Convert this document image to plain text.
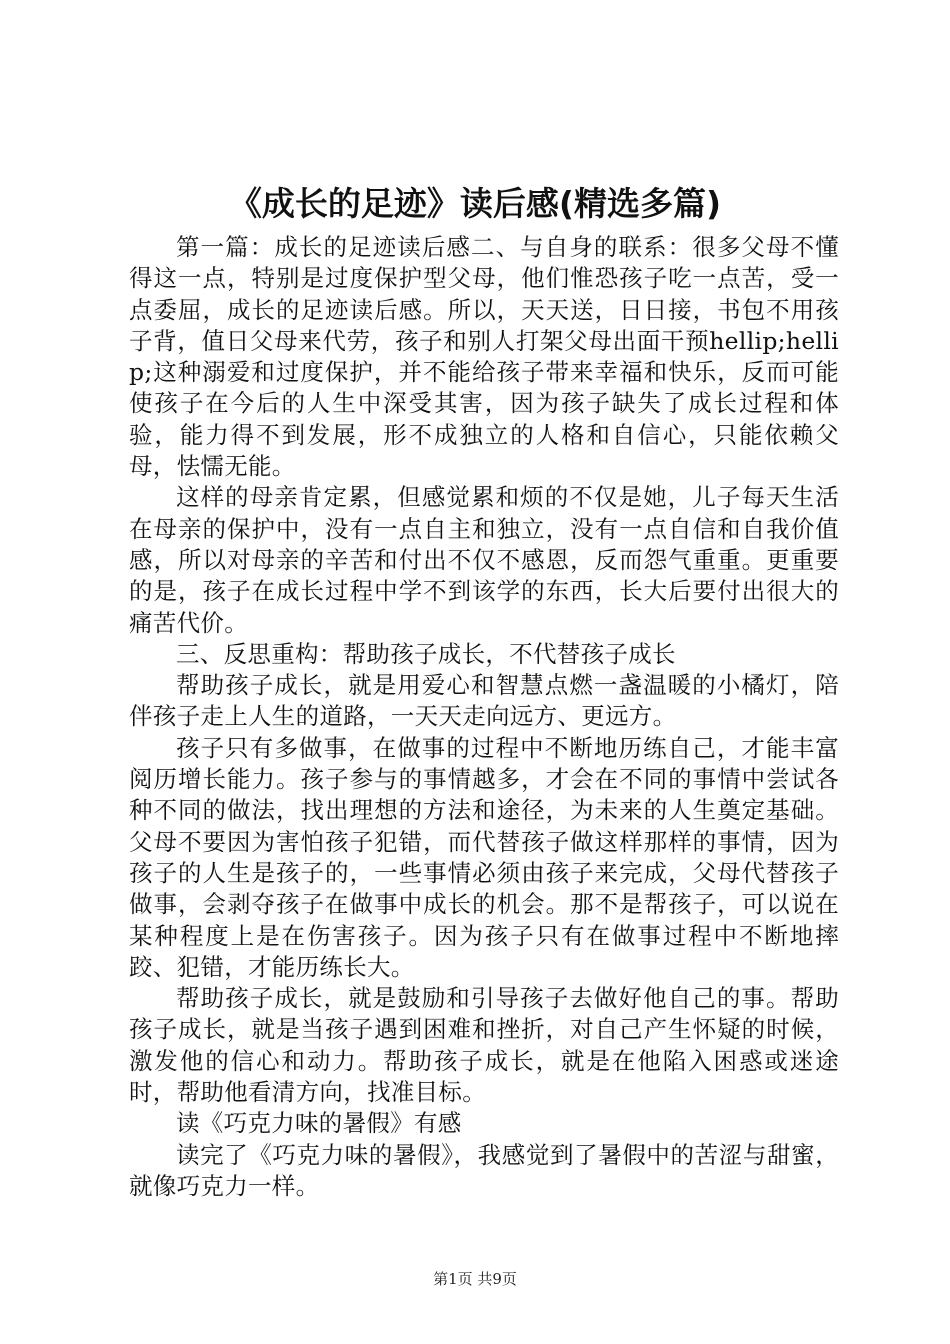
《成长的足迹》读后感(精选多篇)

第一篇：成长的足迹读后感二、与自身的联系：很多父母不懂得这一点，特别是过度保护型父母，他们惟恐孩子吃一点苦，受一点委屈，成长的足迹读后感。所以，天天送，日日接，书包不用孩子背，值日父母来代劳，孩子和别人打架父母出面干预hellip;hellip;这种溺爱和过度保护，并不能给孩子带来幸福和快乐，反而可能使孩子在今后的人生中深受其害，因为孩子缺失了成长过程和体验，能力得不到发展，形不成独立的人格和自信心，只能依赖父母，怯懦无能。

这样的母亲肯定累，但感觉累和烦的不仅是她，儿子每天生活在母亲的保护中，没有一点自主和独立，没有一点自信和自我价值感，所以对母亲的辛苦和付出不仅不感恩，反而怨气重重。更重要的是，孩子在成长过程中学不到该学的东西，长大后要付出很大的痛苦代价。

三、反思重构：帮助孩子成长，不代替孩子成长

帮助孩子成长，就是用爱心和智慧点燃一盏温暖的小橘灯，陪伴孩子走上人生的道路，一天天走向远方、更远方。

孩子只有多做事，在做事的过程中不断地历练自己，才能丰富阅历增长能力。孩子参与的事情越多，才会在不同的事情中尝试各种不同的做法，找出理想的方法和途径，为未来的人生奠定基础。父母不要因为害怕孩子犯错，而代替孩子做这样那样的事情，因为孩子的人生是孩子的，一些事情必须由孩子来完成，父母代替孩子做事，会剥夺孩子在做事中成长的机会。那不是帮孩子，可以说在某种程度上是在伤害孩子。因为孩子只有在做事过程中不断地摔跤、犯错，才能历练长大。

帮助孩子成长，就是鼓励和引导孩子去做好他自己的事。帮助孩子成长，就是当孩子遇到困难和挫折，对自己产生怀疑的时候，激发他的信心和动力。帮助孩子成长，就是在他陷入困惑或迷途时，帮助他看清方向，找准目标。

读《巧克力味的暑假》有感

读完了《巧克力味的暑假》，我感觉到了暑假中的苦涩与甜蜜，就像巧克力一样。

第1页 共9页
